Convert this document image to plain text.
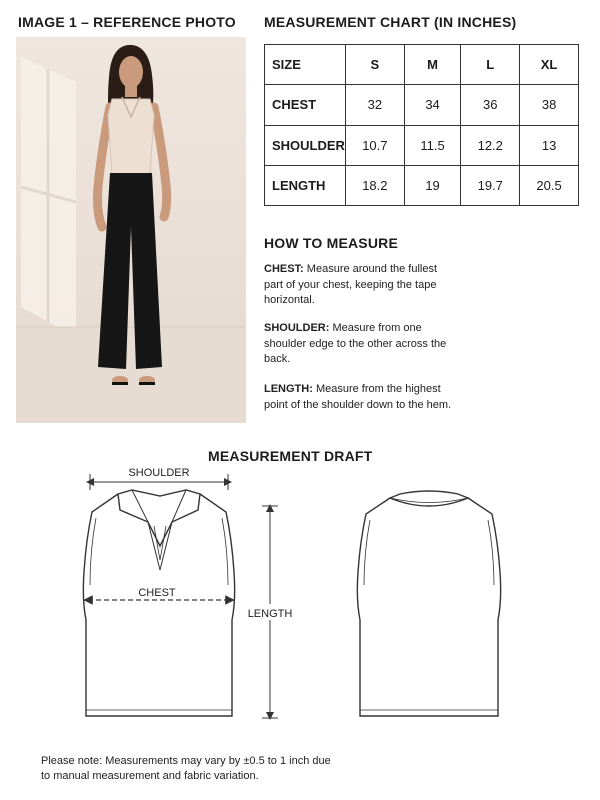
IMAGE 1 – REFERENCE PHOTO MEASUREMENT CHART (IN INCHES)
SIZE	S	M	L	XL
CHEST	32	34	36	38
SHOULDER	10.7	11.5	12.2	13
LENGTH	18.2	19	19.7	20.5
HOW TO MEASURE
CHEST: Measure around the fullest part of your chest, keeping the tape horizontal.
SHOULDER: Measure from one shoulder edge to the other across the back.
LENGTH: Measure from the highest point of the shoulder down to the hem.
MEASUREMENT DRAFT
SHOULDER
CHEST
LENGTH
Please note: Measurements may vary by ±0.5 to 1 inch due to manual measurement and fabric variation.
